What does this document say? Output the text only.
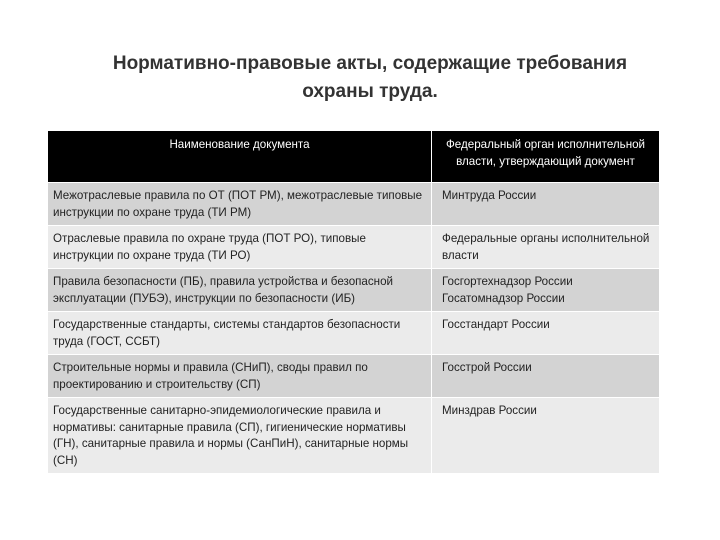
Нормативно-правовые акты, содержащие требования
охраны труда.
Наименование документа	Федеральный орган исполнительной власти, утверждающий документ
Межотраслевые правила по ОТ (ПОТ РМ), межотраслевые типовые инструкции по охране труда (ТИ РМ)	Минтруда России
Отраслевые правила по охране труда (ПОТ РО), типовые инструкции по охране труда (ТИ РО)	Федеральные органы исполнительной власти
Правила безопасности (ПБ), правила устройства и безопасной эксплуатации (ПУБЭ), инструкции по безопасности (ИБ)	Госгортехнадзор России Госатомнадзор России
Государственные стандарты, системы стандартов безопасности труда (ГОСТ, ССБТ)	Госстандарт России
Строительные нормы и правила (СНиП), своды правил по проектированию и строительству (СП)	Госстрой России
Государственные санитарно-эпидемиологические правила и нормативы: санитарные правила (СП), гигиенические нормативы (ГН), санитарные правила и нормы (СанПиН), санитарные нормы (СН)	Минздрав России
